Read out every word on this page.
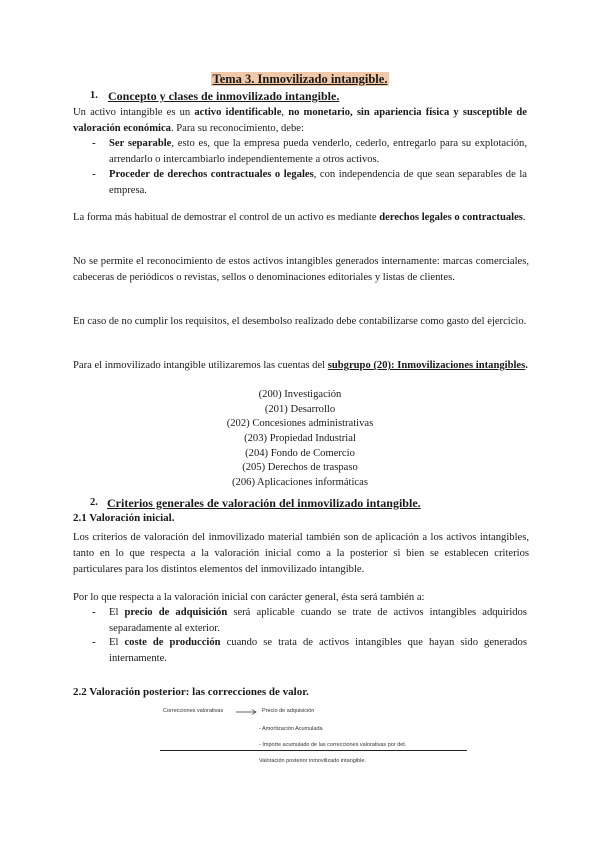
Tema 3. Inmovilizado intangible.
1. Concepto y clases de inmovilizado intangible.
Un activo intangible es un activo identificable, no monetario, sin apariencia física y susceptible de valoración económica. Para su reconocimiento, debe:
- Ser separable, esto es, que la empresa pueda venderlo, cederlo, entregarlo para su explotación, arrendarlo o intercambiarlo independientemente a otros activos.
- Proceder de derechos contractuales o legales, con independencia de que sean separables de la empresa.
La forma más habitual de demostrar el control de un activo es mediante derechos legales o contractuales.
No se permite el reconocimiento de estos activos intangibles generados internamente: marcas comerciales, cabeceras de periódicos o revistas, sellos o denominaciones editoriales y listas de clientes.
En caso de no cumplir los requisitos, el desembolso realizado debe contabilizarse como gasto del ejercicio.
Para el inmovilizado intangible utilizaremos las cuentas del subgrupo (20): Inmovilizaciones intangibles.
(200) Investigación
(201) Desarrollo
(202) Concesiones administrativas
(203) Propiedad Industrial
(204) Fondo de Comercio
(205) Derechos de traspaso
(206) Aplicaciones informáticas
2. Criterios generales de valoración del inmovilizado intangible.
2.1 Valoración inicial.
Los criterios de valoración del inmovilizado material también son de aplicación a los activos intangibles, tanto en lo que respecta a la valoración inicial como a la posterior si bien se establecen criterios particulares para los distintos elementos del inmovilizado intangible.
Por lo que respecta a la valoración inicial con carácter general, ésta será también a:
- El precio de adquisición será aplicable cuando se trate de activos intangibles adquiridos separadamente al exterior.
- El coste de producción cuando se trata de activos intangibles que hayan sido generados internamente.
2.2 Valoración posterior: las correcciones de valor.
Correcciones valorativas	Precio de adquisición
- Amortización Acumulada
- Importe acumulado de las correcciones valorativas por det.
Valoración posterior inmovilizado intangible.
